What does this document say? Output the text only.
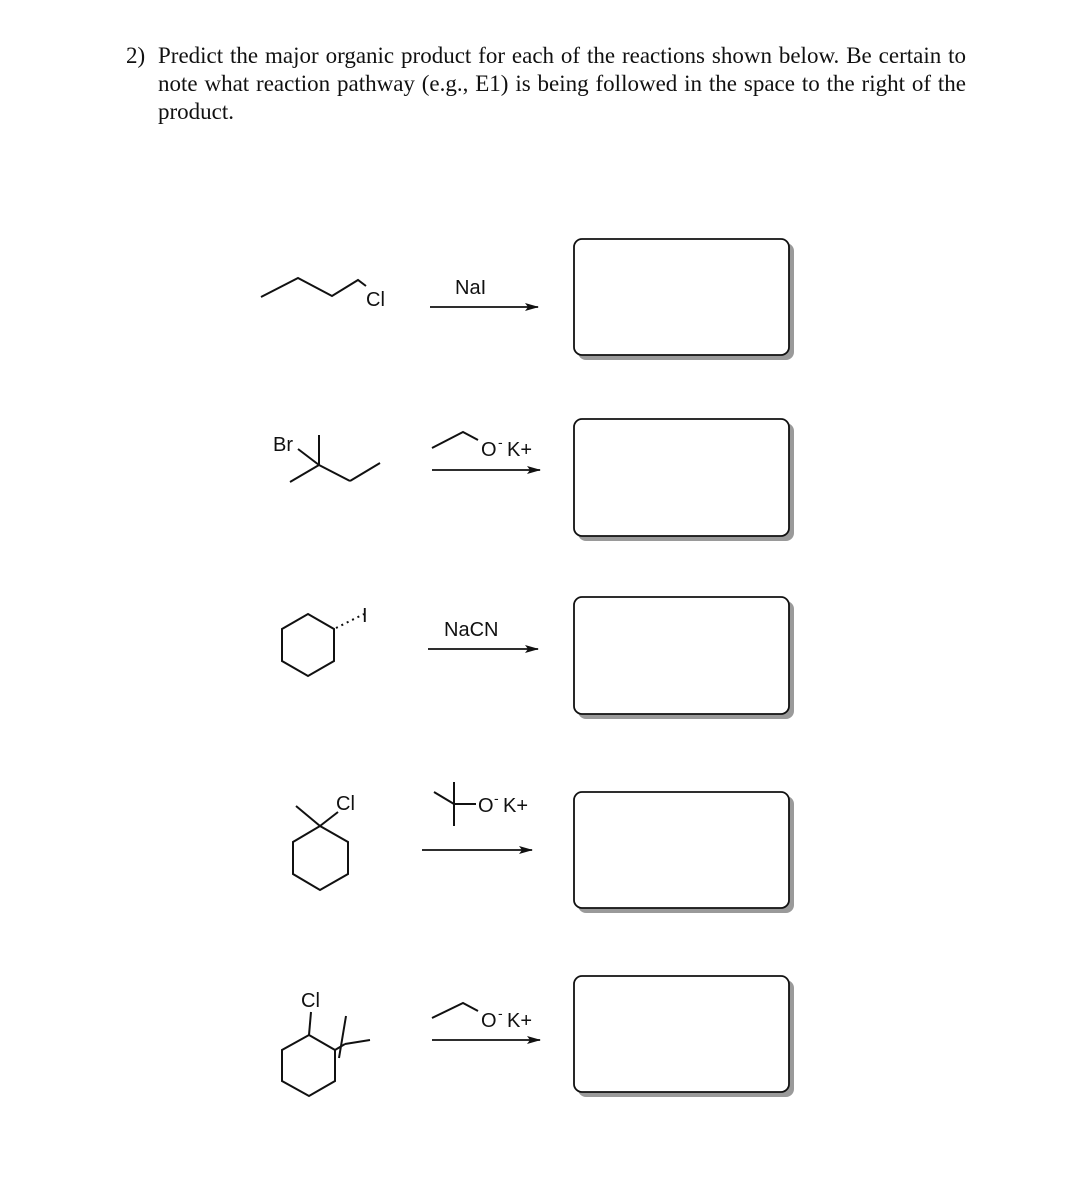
2) Predict the major organic product for each of the reactions shown below. Be certain to note what reaction pathway (e.g., E1) is being followed in the space to the right of the product.
Cl
NaI
Br	O - K+
I
NaCN
Cl	O - K+
Cl
O - K+
